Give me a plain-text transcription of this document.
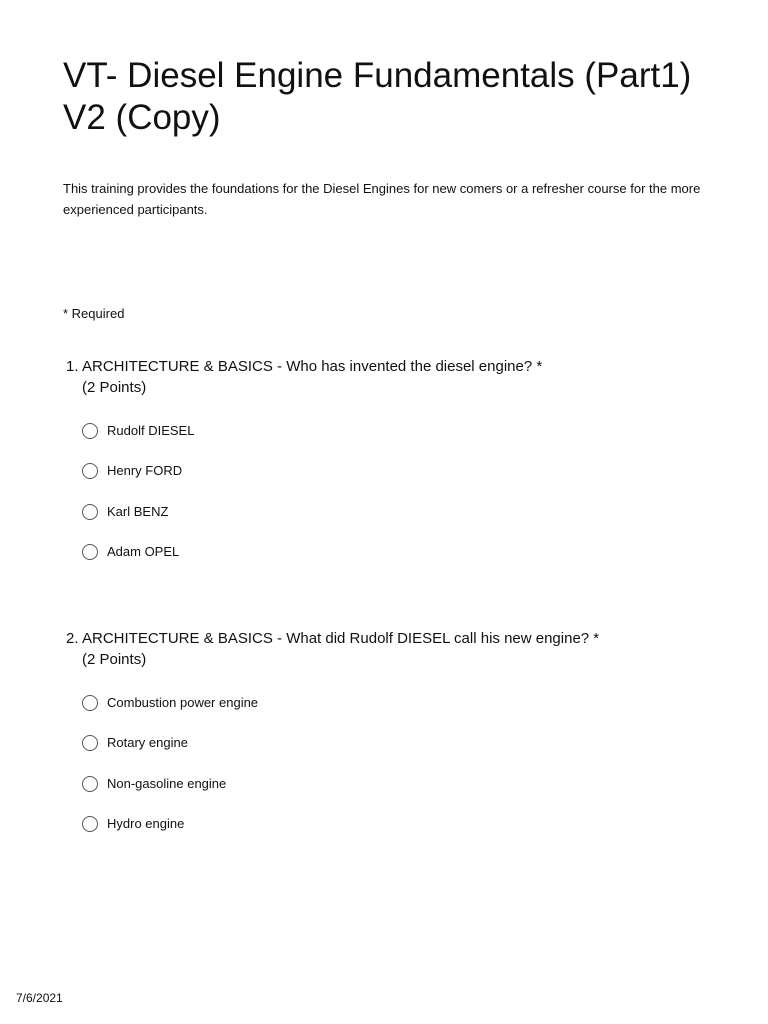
VT- Diesel Engine Fundamentals (Part1) V2 (Copy)

This training provides the foundations for the Diesel Engines for new comers or a refresher course for the more experienced participants.

* Required
1. ARCHITECTURE & BASICS - Who has invented the diesel engine? *
(2 Points)
Rudolf DIESEL
Henry FORD
Karl BENZ
Adam OPEL
2. ARCHITECTURE & BASICS - What did Rudolf DIESEL call his new engine? *
(2 Points)
Combustion power engine
Rotary engine
Non-gasoline engine
Hydro engine
7/6/2021
